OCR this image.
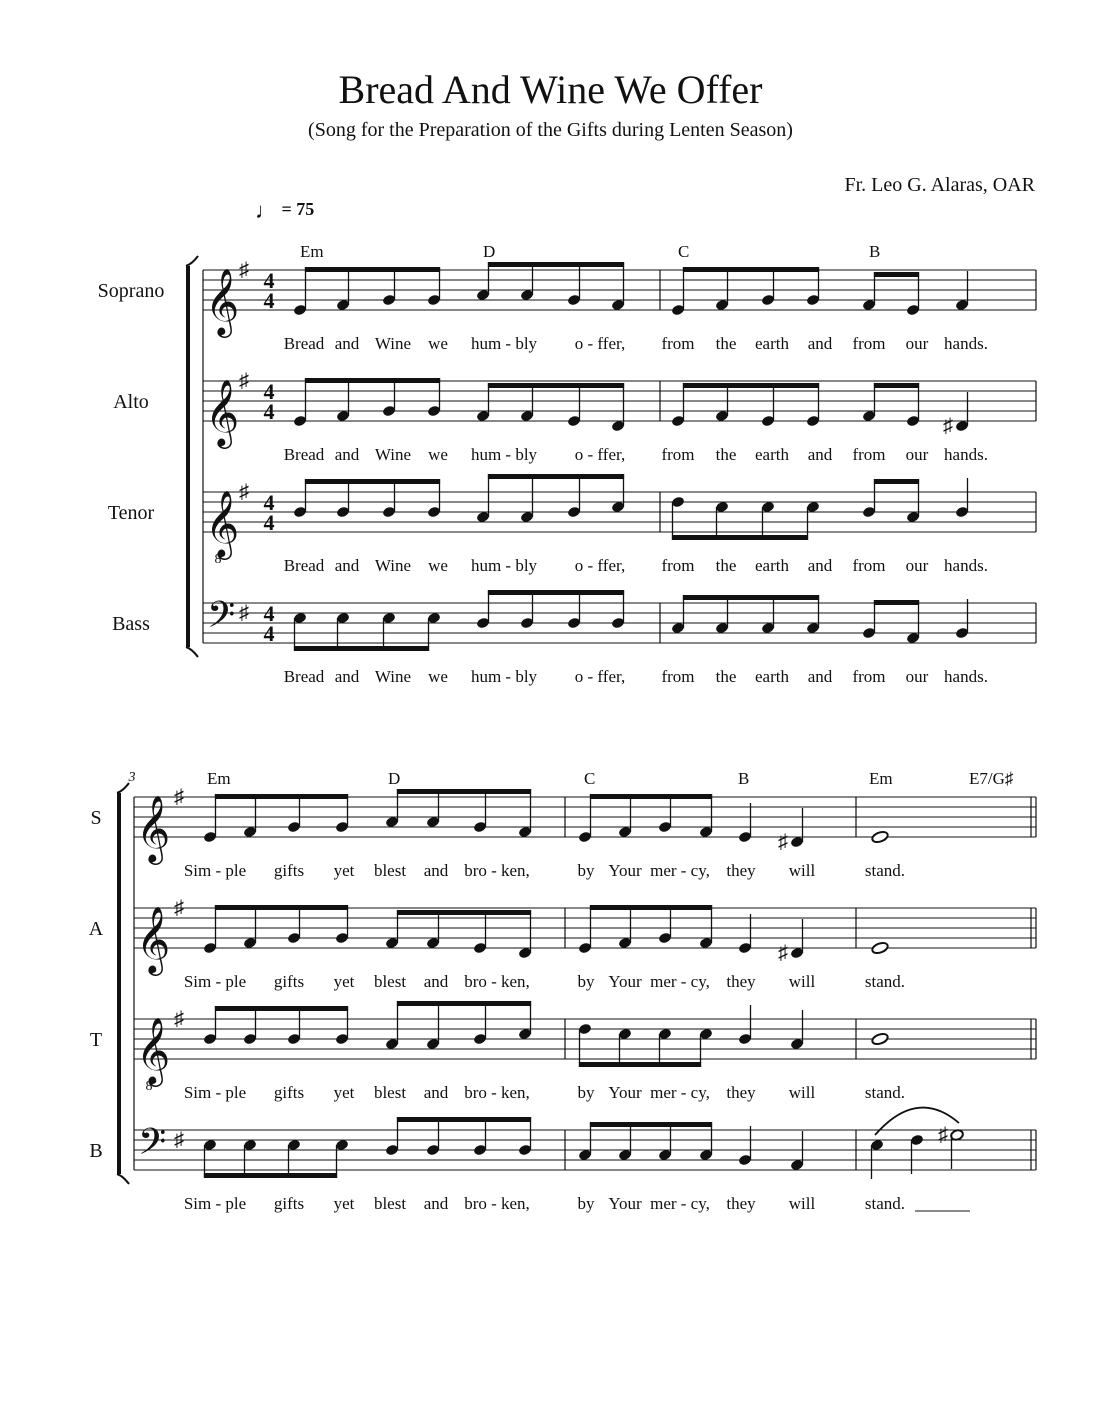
Bread And Wine We Offer
(Song for the Preparation of the Gifts during Lenten Season)
Fr. Leo G. Alaras, OAR
♩ = 75
Em	D	C	B
Soprano 𝄞 ♯ 4
4
Bread and Wine we hum - bly o - ffer, from the earth and from our hands.
Alto 𝄞 ♯ 4
4
♯
Bread and Wine we hum - bly o - ffer, from the earth and from our hands.
Tenor 𝄞
8
♯ 4
4
Bread and Wine we hum - bly o - ffer, from the earth and from our hands.
Bass 𝄢 ♯ 4
4
Bread and Wine we hum - bly o - ffer, from the earth and from our hands.
3	Em	D	C	B	Em	E7/G♯
S 𝄞 ♯
♯
Sim - ple gifts yet blest and bro - ken,	by Your mer - cy, they will	stand.
A 𝄞 ♯
♯
Sim - ple gifts yet blest and bro - ken,	by Your mer - cy, they will	stand.
T 𝄞
8
♯
Sim - ple gifts yet blest and bro - ken,	by Your mer - cy, they will	stand.
B 𝄢 ♯	♯
Sim - ple gifts yet blest and bro - ken,	by Your mer - cy, they will	stand.
